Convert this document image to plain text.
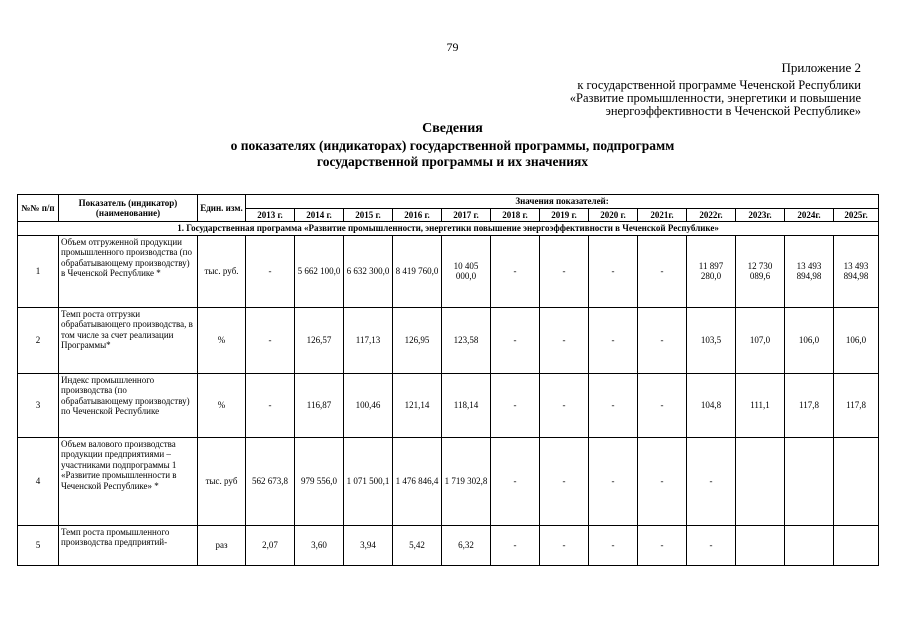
79
Приложение 2
к государственной программе Чеченской Республики
«Развитие промышленности, энергетики и повышение
энергоэффективности в Чеченской Республике»
Сведения
о показателях (индикаторах) государственной программы, подпрограмм
государственной программы и их значениях
№№ п/п	Показатель (индикатор) (наименование)	Един. изм.	Значения показателей:												
			2013 г.	2014 г.	2015 г.	2016 г.	2017 г.	2018 г.	2019 г.	2020 г.	2021г.	2022г.	2023г.	2024г.	2025г.
1. Государственная программа «Развитие промышленности, энергетики повышение энергоэффективности в Чеченской Республике»															
1	Объем отгруженной продукции промышленного производства (по обрабатывающему производству) в Чеченской Республике *	тыс. руб.	-	5 662 100,0	6 632 300,0	8 419 760,0	10 405 000,0	-	-	-	-	11 897 280,0	12 730 089,6	13 493 894,98	13 493 894,98
2	Темп роста отгрузки обрабатывающего производства, в том числе за счет реализации Программы*	%	-	126,57	117,13	126,95	123,58	-	-	-	-	103,5	107,0	106,0	106,0
3	Индекс промышленного производства (по обрабатывающему производству) по Чеченской Республике	%	-	116,87	100,46	121,14	118,14	-	-	-	-	104,8	111,1	117,8	117,8
4	Объем валового производства продукции предприятиями – участниками подпрограммы 1 «Развитие промышленности в Чеченской Республике» *	тыс. руб	562 673,8	979 556,0	1 071 500,1	1 476 846,4	1 719 302,8	-	-	-	-	-			
5	Темп роста промышленного производства предприятий-	раз	2,07	3,60	3,94	5,42	6,32	-	-	-	-	-			
